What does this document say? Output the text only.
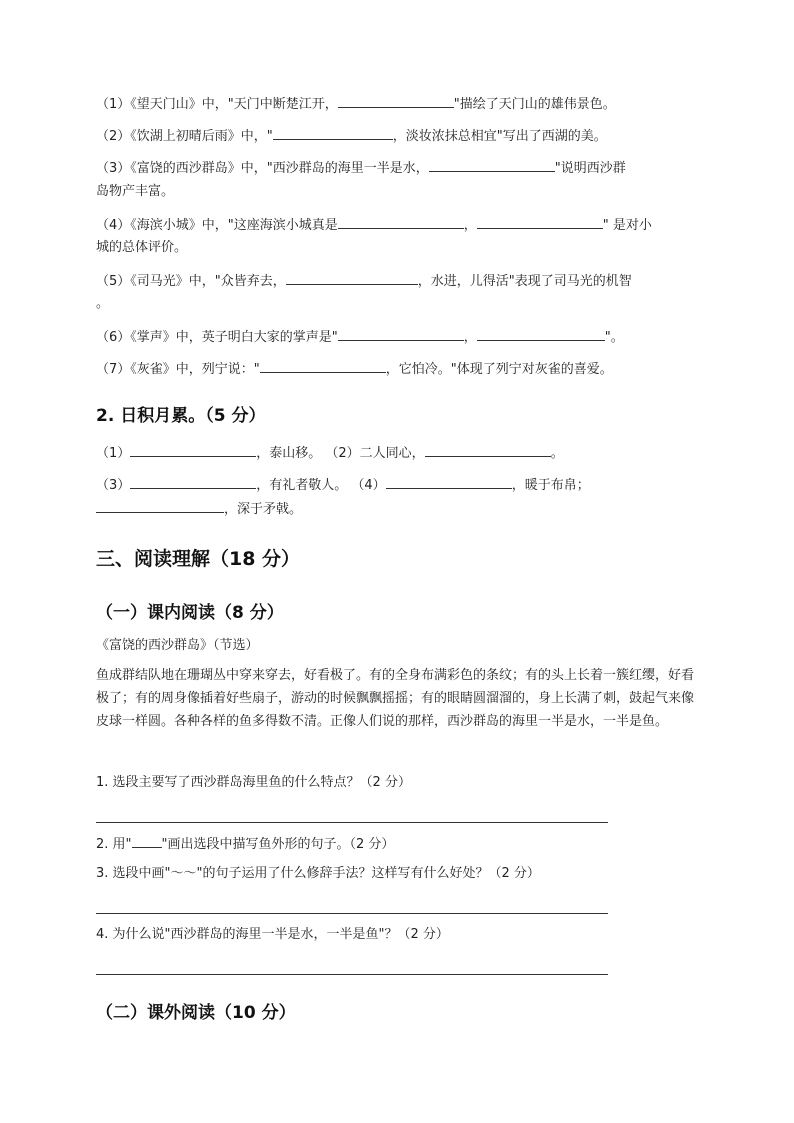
（1）《望天门山》中，"天门中断楚江开，	"描绘了天门山的雄伟景色。
（2）《饮湖上初晴后雨》中，"	，淡妆浓抹总相宜"写出了西湖的美。
（3）《富饶的西沙群岛》中，"西沙群岛的海里一半是水，	"说明西沙群
岛物产丰富。
（4）《海滨小城》中，"这座海滨小城真是	，	" 是对小
城的总体评价。
（5）《司马光》中，"众皆弃去，	，水进，儿得活"表现了司马光的机智
。
（6）《掌声》中，英子明白大家的掌声是"	，	"。
（7）《灰雀》中，列宁说："	，它怕冷。"体现了列宁对灰雀的喜爱。
2. 日积月累。（5 分）
（1）	，泰山移。 （2）二人同心，	。
（3）	，有礼者敬人。 （4）	，暖于布帛；
，深于矛戟。
三、阅读理解（18 分）
（一）课内阅读（8 分）
《富饶的西沙群岛》（节选）
鱼成群结队地在珊瑚丛中穿来穿去，好看极了。有的全身布满彩色的条纹；有的头上长着一簇红缨，好看极了；有的周身像插着好些扇子，游动的时候飘飘摇摇；有的眼睛圆溜溜的，身上长满了刺，鼓起气来像皮球一样圆。各种各样的鱼多得数不清。正像人们说的那样，西沙群岛的海里一半是水，一半是鱼。
1. 选段主要写了西沙群岛海里鱼的什么特点？（2 分）
2. 用" "画出选段中描写鱼外形的句子。（2 分）
3. 选段中画"～～"的句子运用了什么修辞手法？这样写有什么好处？（2 分）
4. 为什么说"西沙群岛的海里一半是水，一半是鱼"？（2 分）
（二）课外阅读（10 分）
